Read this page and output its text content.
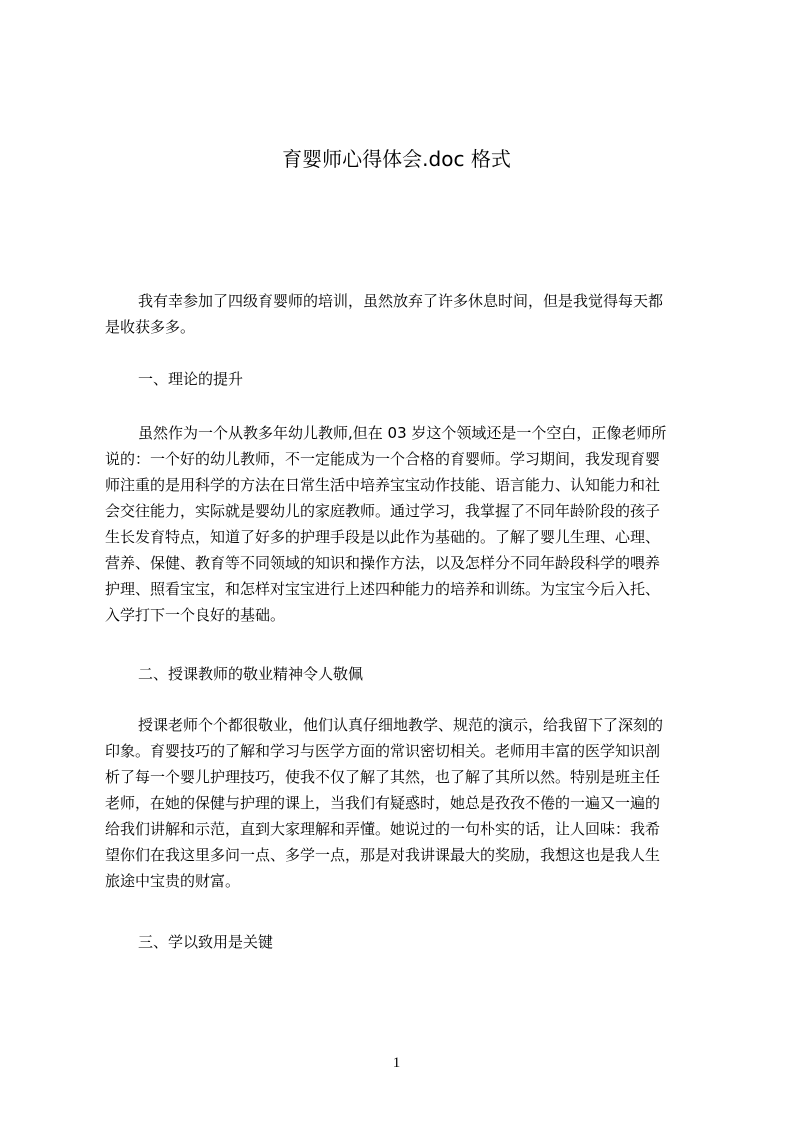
育婴师心得体会.doc 格式
我有幸参加了四级育婴师的培训，虽然放弃了许多休息时间，但是我觉得每天都
是收获多多。
一、理论的提升
虽然作为一个从教多年幼儿教师,但在 03 岁这个领域还是一个空白，正像老师所
说的：一个好的幼儿教师，不一定能成为一个合格的育婴师。学习期间，我发现育婴
师注重的是用科学的方法在日常生活中培养宝宝动作技能、语言能力、认知能力和社
会交往能力，实际就是婴幼儿的家庭教师。通过学习，我掌握了不同年龄阶段的孩子
生长发育特点，知道了好多的护理手段是以此作为基础的。了解了婴儿生理、心理、
营养、保健、教育等不同领域的知识和操作方法，以及怎样分不同年龄段科学的喂养
护理、照看宝宝，和怎样对宝宝进行上述四种能力的培养和训练。为宝宝今后入托、
入学打下一个良好的基础。
二、授课教师的敬业精神令人敬佩
授课老师个个都很敬业，他们认真仔细地教学、规范的演示，给我留下了深刻的
印象。育婴技巧的了解和学习与医学方面的常识密切相关。老师用丰富的医学知识剖
析了每一个婴儿护理技巧，使我不仅了解了其然，也了解了其所以然。特别是班主任
老师，在她的保健与护理的课上，当我们有疑惑时，她总是孜孜不倦的一遍又一遍的
给我们讲解和示范，直到大家理解和弄懂。她说过的一句朴实的话，让人回味：我希
望你们在我这里多问一点、多学一点，那是对我讲课最大的奖励，我想这也是我人生
旅途中宝贵的财富。
三、学以致用是关键
1
